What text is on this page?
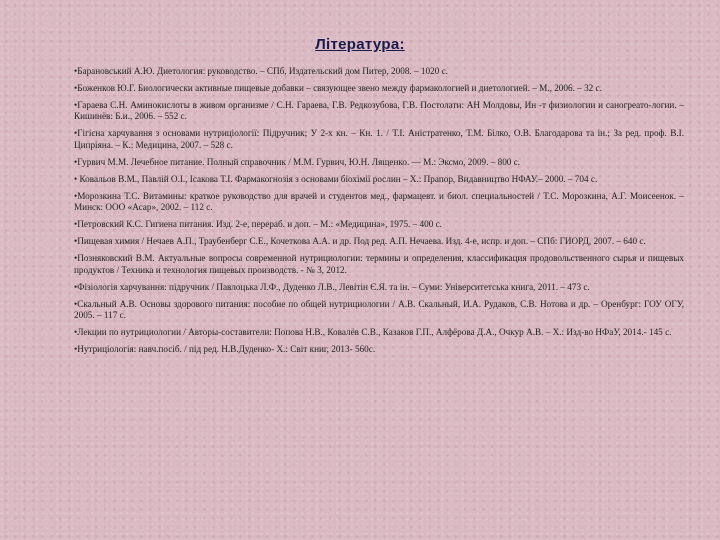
Література:
•Барановський А.Ю. Диетология: руководство. – СПб, Издательский дом Питер, 2008. – 1020 с.
•Боженков Ю.Г. Биологически активные пищевые добавки – связующее звено между фармакологией и диетологией. – М., 2006. – 32 с.
•Гараева С.Н. Аминокислоты в живом организме / С.Н. Гараева, Г.В. Редкозубова, Г.В. Постолати: АН Молдовы, Ин -т физиологии и саногреато-логии. – Кишинёв: Б.и., 2006. – 552 с.
•Гігієна харчування з основами нутриціології: Підручник; У 2-х кн. – Кн. 1. / Т.І. Аністратенко, Т.М. Білко, О.В. Благодарова та ін.; За ред. проф. В.І. Ципріяна. – К.: Медицина, 2007. – 528 с.
•Гурвич М.М. Лечебное питание. Полный справочник / М.М. Гурвич, Ю.Н. Лященко. — М.: Эксмо, 2009. – 800 с.
• Ковальов В.М., Павлій О.І., Ісакова Т.І. Фармакогнозія з основами біохімії рослин – Х.: Прапор, Видавництво НФАУ.– 2000. – 704 с.
•Морозкина Т.С. Витамины: краткое руководство для врачей и студентов мед., фармацевт. и биол. специальностей / Т.С. Морозкина, А.Г. Моисеенок. – Минск: ООО «Асар», 2002. – 112 с.
•Петровский К.С. Гигиена питания. Изд. 2-е, перераб. и доп. – М.: «Медицина», 1975. – 400 с.
•Пищевая химия / Нечаев А.П., Траубенберг С.Е., Кочеткова А.А. и др. Под ред. А.П. Нечаева. Изд. 4-е, испр. и доп. – СПб: ГИОРД, 2007. – 640 с.
•Позняковский В.М. Актуальные вопросы современной нутрициологии: термины и определения, классификация продовольственного сырья и пищевых продуктов / Техника и технология пищевых производств. - № 3, 2012.
•Фізіологія харчування: підручник / Павлоцька Л.Ф., Дуденко Л.В., Левітін Є.Я. та ін. – Суми: Університетська книга, 2011. – 473 с.
•Скальный А.В. Основы здорового питания: пособие по общей нутрициологии / А.В. Скальный, И.А. Рудаков, С.В. Нотова и др. – Оренбург: ГОУ ОГУ, 2005. – 117 с.
•Лекции по нутрициологии / Авторы-составители: Попова Н.В., Ковалёв С.В., Казаков Г.П., Алфёрова Д.А., Очкур А.В. – Х.: Изд-во НФаУ, 2014.- 145 с.
•Нутриціологія: навч.посіб. / під ред. Н.В.Дуденко- Х.: Світ книг, 2013- 560с.
